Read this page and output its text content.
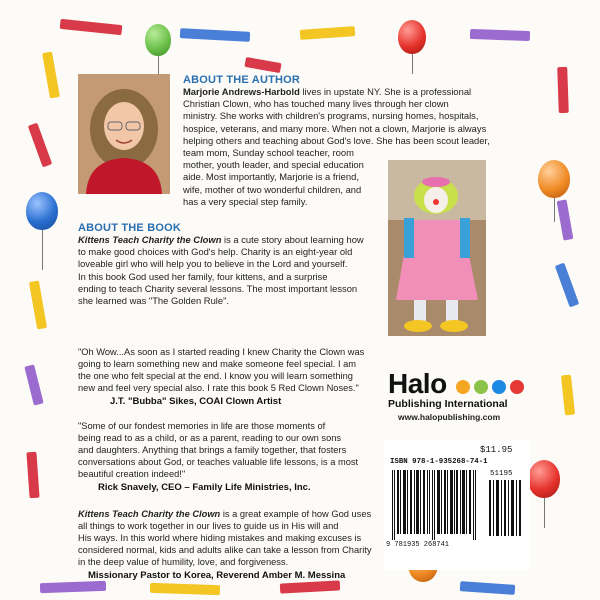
ABOUT THE AUTHOR
Marjorie Andrews-Harbold lives in upstate NY. She is a professional
Christian Clown, who has touched many lives through her clown
ministry. She works with children's programs, nursing homes, hospitals,
hospice, veterans, and many more. When not a clown, Marjorie is always
helping others and teaching about God's love. She has been scout leader,
team mom, Sunday school teacher, room
mother, youth leader, and special education
aide. Most importantly, Marjorie is a friend,
wife, mother of two wonderful children, and
has a very special step family.
ABOUT THE BOOK
Kittens Teach Charity the Clown is a cute story about learning how
to make good choices with God's help. Charity is an eight-year old
loveable girl who will help you to believe in the Lord and yourself.
In this book God used her family, four kittens, and a surprise
ending to teach Charity several lessons. The most important lesson
she learned was "The Golden Rule".
"Oh Wow...As soon as I started reading I knew Charity the Clown was
going to learn something new and make someone feel special. I am
the one who felt special at the end. I know you will learn something
new and feel very special also. I rate this book 5 Red Clown Noses."
J.T. "Bubba" Sikes, COAI Clown Artist
"Some of our fondest memories in life are those moments of
being read to as a child, or as a parent, reading to our own sons
and daughters. Anything that brings a family together, that fosters
conversations about God, or teaches valuable life lessons, is a most
beautiful creation indeed!"
Rick Snavely, CEO – Family Life Ministries, Inc.
Kittens Teach Charity the Clown is a great example of how God uses
all things to work together in our lives to guide us in His will and
His ways. In this world where hiding mistakes and making excuses is
considered normal, kids and adults alike can take a lesson from Charity
in the deep value of humility, love, and forgiveness.
Missionary Pastor to Korea, Reverend Amber M. Messina
Halo
Publishing International
www.halopublishing.com
$11.95
ISBN 978-1-935268-74-1
51195
9 781935 268741
